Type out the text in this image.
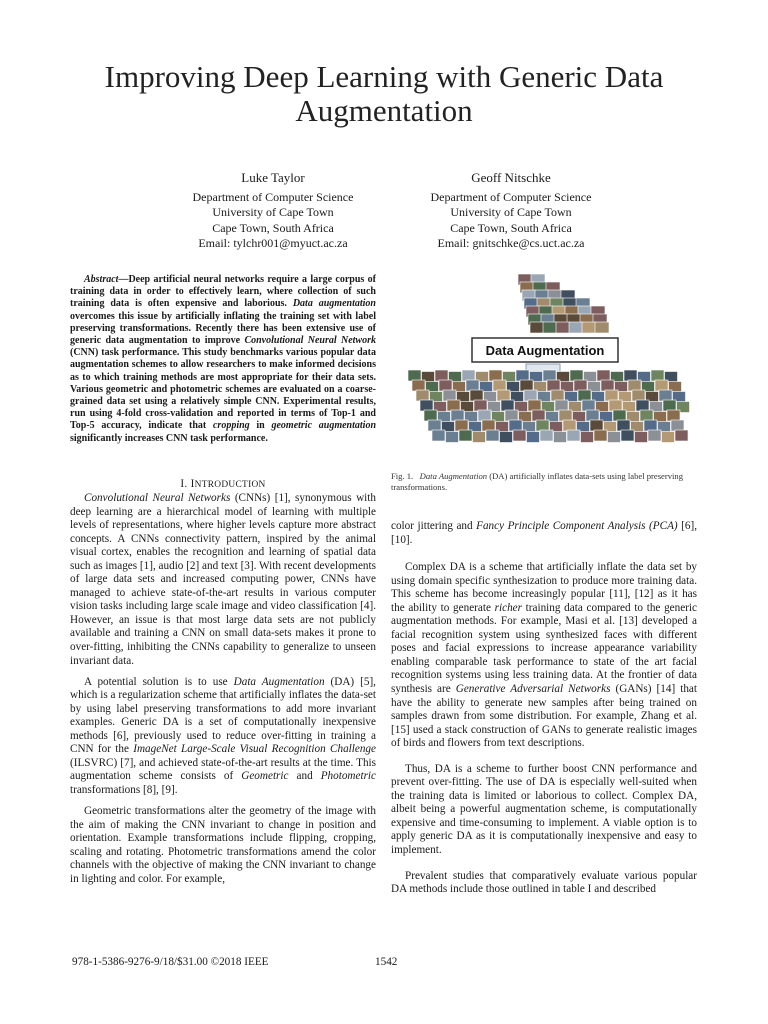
Improving Deep Learning with Generic Data Augmentation
Luke Taylor
Department of Computer Science
University of Cape Town
Cape Town, South Africa
Email: tylchr001@myuct.ac.za
Geoff Nitschke
Department of Computer Science
University of Cape Town
Cape Town, South Africa
Email: gnitschke@cs.uct.ac.za
Abstract—Deep artificial neural networks require a large corpus of training data in order to effectively learn, where collection of such training data is often expensive and laborious. Data augmentation overcomes this issue by artificially inflating the training set with label preserving transformations. Recently there has been extensive use of generic data augmentation to improve Convolutional Neural Network (CNN) task performance. This study benchmarks various popular data augmentation schemes to allow researchers to make informed decisions as to which training methods are most appropriate for their data sets. Various geometric and photometric schemes are evaluated on a coarse-grained data set using a relatively simple CNN. Experimental results, run using 4-fold cross-validation and reported in terms of Top-1 and Top-5 accuracy, indicate that cropping in geometric augmentation significantly increases CNN task performance.
I. INTRODUCTION

Convolutional Neural Networks (CNNs) [1], synonymous with deep learning are a hierarchical model of learning with multiple levels of representations, where higher levels capture more abstract concepts. A CNNs connectivity pattern, inspired by the animal visual cortex, enables the recognition and learning of spatial data such as images [1], audio [2] and text [3]. With recent developments of large data sets and increased computing power, CNNs have managed to achieve state-of-the-art results in various computer vision tasks including large scale image and video classification [4]. However, an issue is that most large data sets are not publicly available and training a CNN on small data-sets makes it prone to over-fitting, inhibiting the CNNs capability to generalize to unseen invariant data.

A potential solution is to use Data Augmentation (DA) [5], which is a regularization scheme that artificially inflates the data-set by using label preserving transformations to add more invariant examples. Generic DA is a set of computationally inexpensive methods [6], previously used to reduce over-fitting in training a CNN for the ImageNet Large-Scale Visual Recognition Challenge (ILSVRC) [7], and achieved state-of-the-art results at the time. This augmentation scheme consists of Geometric and Photometric transformations [8], [9].

Geometric transformations alter the geometry of the image with the aim of making the CNN invariant to change in position and orientation. Example transformations include flipping, cropping, scaling and rotating. Photometric transformations amend the color channels with the objective of making the CNN invariant to change in lighting and color. For example,

Data Augmentation
Fig. 1. Data Augmentation (DA) artificially inflates data-sets using label preserving transformations.

color jittering and Fancy Principle Component Analysis (PCA) [6], [10].

Complex DA is a scheme that artificially inflate the data set by using domain specific synthesization to produce more training data. This scheme has become increasingly popular [11], [12] as it has the ability to generate richer training data compared to the generic augmentation methods. For example, Masi et al. [13] developed a facial recognition system using synthesized faces with different poses and facial expressions to increase appearance variability enabling comparable task performance to state of the art facial recognition systems using less training data. At the frontier of data synthesis are Generative Adversarial Networks (GANs) [14] that have the ability to generate new samples after being trained on samples drawn from some distribution. For example, Zhang et al. [15] used a stack construction of GANs to generate realistic images of birds and flowers from text descriptions.

Thus, DA is a scheme to further boost CNN performance and prevent over-fitting. The use of DA is especially well-suited when the training data is limited or laborious to collect. Complex DA, albeit being a powerful augmentation scheme, is computationally expensive and time-consuming to implement. A viable option is to apply generic DA as it is computationally inexpensive and easy to implement.

Prevalent studies that comparatively evaluate various popular DA methods include those outlined in table I and described

978-1-5386-9276-9/18/$31.00 ©2018 IEEE	1542
